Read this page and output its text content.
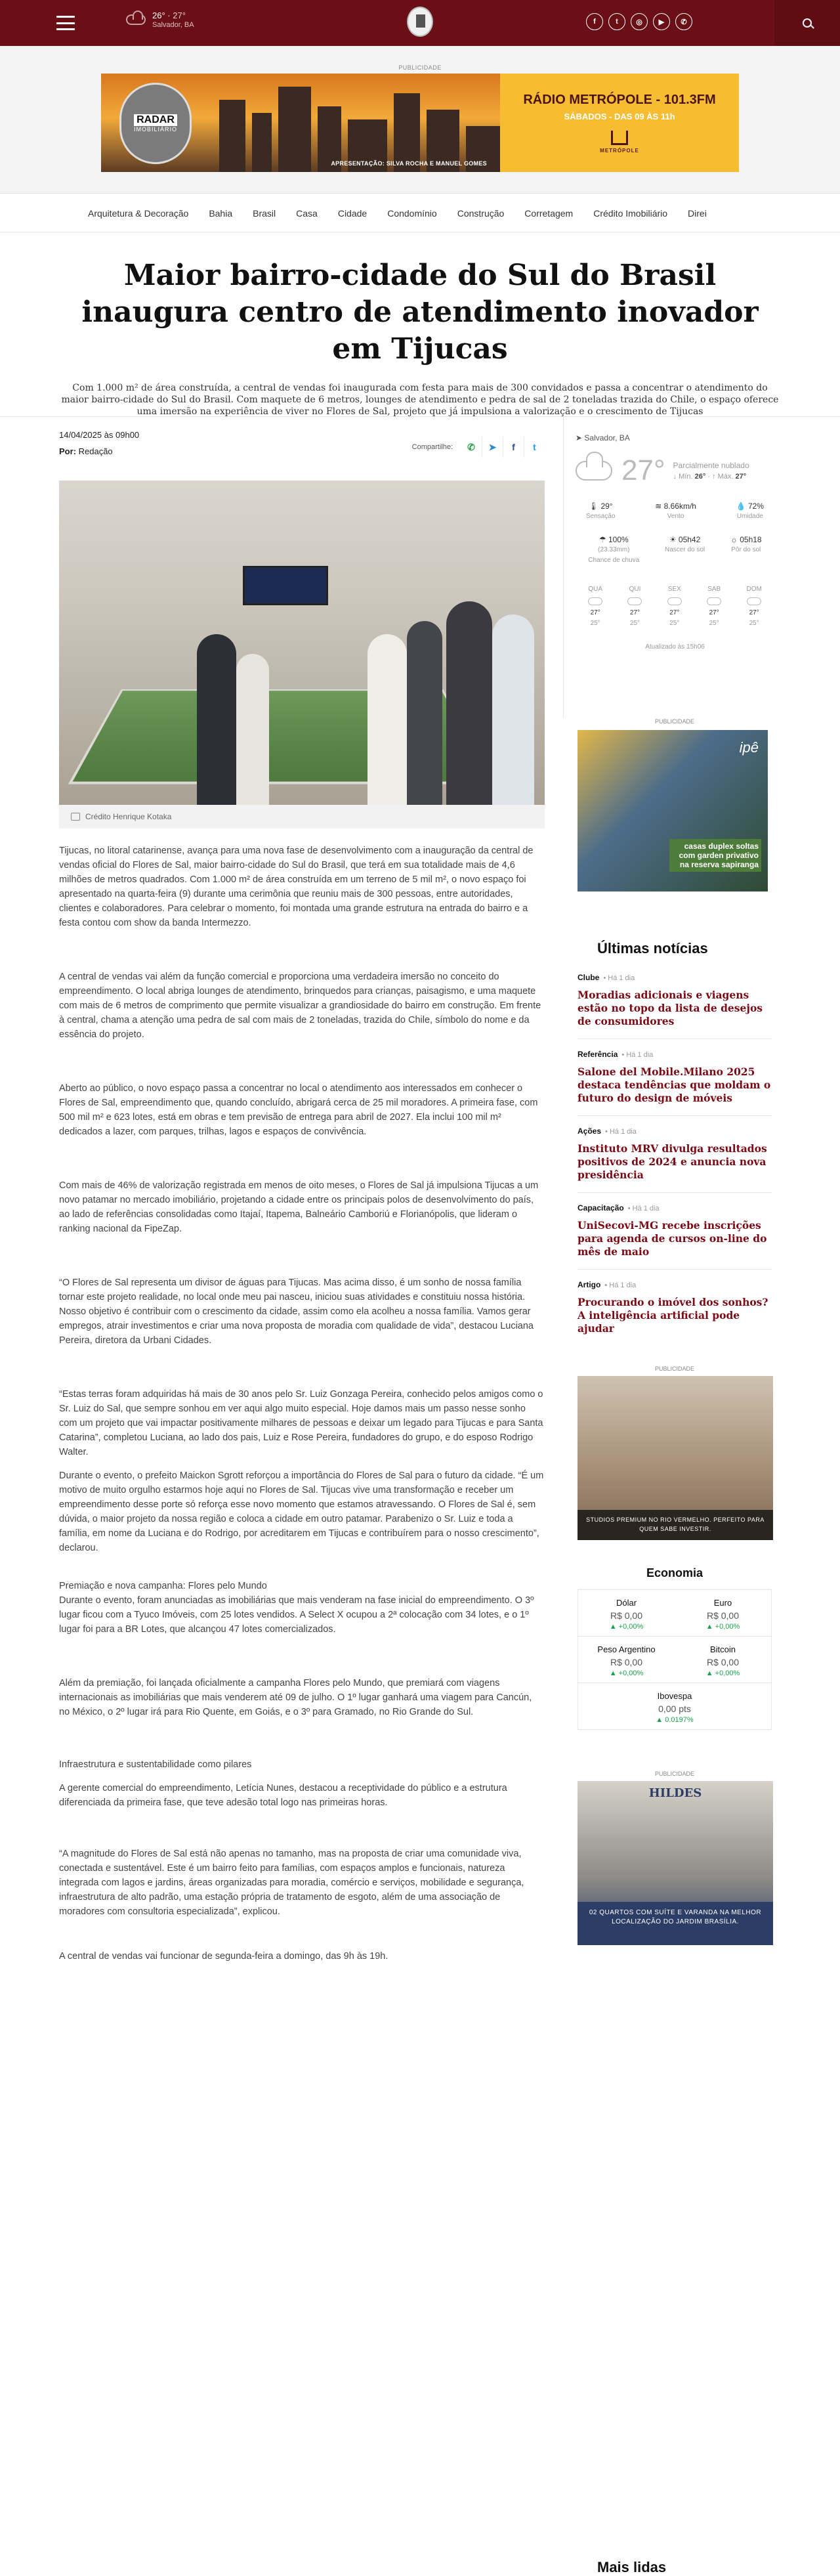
26° · 27°
Salvador, BA	f	t	◎	▶	✆
PUBLICIDADE
RADAR
IMOBILIÁRIO
APRESENTAÇÃO: SILVA ROCHA E MANUEL GOMES
RÁDIO METRÓPOLE - 101.3FM
SÁBADOS - DAS 09 ÀS 11h
METRÓPOLE
Arquitetura & Decoração Bahia Brasil Casa Cidade Condomínio Construção Corretagem Crédito Imobiliário Direi
Maior bairro-cidade do Sul do Brasil inaugura centro de atendimento inovador em Tijucas

Com 1.000 m² de área construída, a central de vendas foi inaugurada com festa para mais de 300 convidados e passa a concentrar o atendimento do maior bairro-cidade do Sul do Brasil. Com maquete de 6 metros, lounges de atendimento e pedra de sal de 2 toneladas trazida do Chile, o espaço oferece uma imersão na experiência de viver no Flores de Sal, projeto que já impulsiona a valorização e o crescimento de Tijucas

14/04/2025 às 09h00
Por: Redação	Compartilhe:	✆	➤	f	t
Crédito Henrique Kotaka

Tijucas, no litoral catarinense, avança para uma nova fase de desenvolvimento com a inauguração da central de vendas oficial do Flores de Sal, maior bairro-cidade do Sul do Brasil, que terá em sua totalidade mais de 4,6 milhões de metros quadrados. Com 1.000 m² de área construída em um terreno de 5 mil m², o novo espaço foi apresentado na quarta-feira (9) durante uma cerimônia que reuniu mais de 300 pessoas, entre autoridades, clientes e colaboradores. Para celebrar o momento, foi montada uma grande estrutura na entrada do bairro e a festa contou com show da banda Intermezzo.

A central de vendas vai além da função comercial e proporciona uma verdadeira imersão no conceito do empreendimento. O local abriga lounges de atendimento, brinquedos para crianças, paisagismo, e uma maquete com mais de 6 metros de comprimento que permite visualizar a grandiosidade do bairro em construção. Em frente à central, chama a atenção uma pedra de sal com mais de 2 toneladas, trazida do Chile, símbolo do nome e da essência do projeto.

Aberto ao público, o novo espaço passa a concentrar no local o atendimento aos interessados em conhecer o Flores de Sal, empreendimento que, quando concluído, abrigará cerca de 25 mil moradores. A primeira fase, com 500 mil m² e 623 lotes, está em obras e tem previsão de entrega para abril de 2027. Ela inclui 100 mil m² dedicados a lazer, com parques, trilhas, lagos e espaços de convivência.

Com mais de 46% de valorização registrada em menos de oito meses, o Flores de Sal já impulsiona Tijucas a um novo patamar no mercado imobiliário, projetando a cidade entre os principais polos de desenvolvimento do país, ao lado de referências consolidadas como Itajaí, Itapema, Balneário Camboriú e Florianópolis, que lideram o ranking nacional da FipeZap.

“O Flores de Sal representa um divisor de águas para Tijucas. Mas acima disso, é um sonho de nossa família tornar este projeto realidade, no local onde meu pai nasceu, iniciou suas atividades e constituiu nossa história. Nosso objetivo é contribuir com o crescimento da cidade, assim como ela acolheu a nossa família. Vamos gerar empregos, atrair investimentos e criar uma nova proposta de moradia com qualidade de vida”, destacou Luciana Pereira, diretora da Urbani Cidades.

“Estas terras foram adquiridas há mais de 30 anos pelo Sr. Luiz Gonzaga Pereira, conhecido pelos amigos como o Sr. Luiz do Sal, que sempre sonhou em ver aqui algo muito especial. Hoje damos mais um passo nesse sonho com um projeto que vai impactar positivamente milhares de pessoas e deixar um legado para Tijucas e para Santa Catarina”, completou Luciana, ao lado dos pais, Luiz e Rose Pereira, fundadores do grupo, e do esposo Rodrigo Walter.

Durante o evento, o prefeito Maickon Sgrott reforçou a importância do Flores de Sal para o futuro da cidade. “É um motivo de muito orgulho estarmos hoje aqui no Flores de Sal. Tijucas vive uma transformação e receber um empreendimento desse porte só reforça esse novo momento que estamos atravessando. O Flores de Sal é, sem dúvida, o maior projeto da nossa região e coloca a cidade em outro patamar. Parabenizo o Sr. Luiz e toda a família, em nome da Luciana e do Rodrigo, por acreditarem em Tijucas e contribuírem para o nosso crescimento”, declarou.

Premiação e nova campanha: Flores pelo Mundo

Durante o evento, foram anunciadas as imobiliárias que mais venderam na fase inicial do empreendimento. O 3º lugar ficou com a Tyuco Imóveis, com 25 lotes vendidos. A Select X ocupou a 2ª colocação com 34 lotes, e o 1º lugar foi para a BR Lotes, que alcançou 47 lotes comercializados.

Além da premiação, foi lançada oficialmente a campanha Flores pelo Mundo, que premiará com viagens internacionais as imobiliárias que mais venderem até 09 de julho. O 1º lugar ganhará uma viagem para Cancún, no México, o 2º lugar irá para Rio Quente, em Goiás, e o 3º para Gramado, no Rio Grande do Sul.

Infraestrutura e sustentabilidade como pilares

A gerente comercial do empreendimento, Letícia Nunes, destacou a receptividade do público e a estrutura diferenciada da primeira fase, que teve adesão total logo nas primeiras horas.

“A magnitude do Flores de Sal está não apenas no tamanho, mas na proposta de criar uma comunidade viva, conectada e sustentável. Este é um bairro feito para famílias, com espaços amplos e funcionais, natureza integrada com lagos e jardins, áreas organizadas para moradia, comércio e serviços, mobilidade e segurança, infraestrutura de alto padrão, uma estação própria de tratamento de esgoto, além de uma associação de moradores com consultoria especializada”, explicou.

A central de vendas vai funcionar de segunda-feira a domingo, das 9h às 19h.

➤ Salvador, BA
27° Parcialmente nublado
↓ Mín. 26° · ↑ Máx. 27°
🌡 29°
Sensação
≋ 8.66km/h
Vento
💧 72%
Umidade
☂ 100%
(23.33mm)
Chance de chuva
☀ 05h42
Nascer do sol
☼ 05h18
Pôr do sol
QUA
27°
25°
QUI
27°
25°
SEX
27°
25°
SAB
27°
25°
DOM
27°
25°
Atualizado às 15h06
PUBLICIDADE
ipê
casas duplex soltas com garden privativo na reserva sapiranga
Últimas notícias
Clube • Há 1 dia
Moradias adicionais e viagens estão no topo da lista de desejos de consumidores
Referência • Há 1 dia
Salone del Mobile.Milano 2025 destaca tendências que moldam o futuro do design de móveis
Ações • Há 1 dia
Instituto MRV divulga resultados positivos de 2024 e anuncia nova presidência
Capacitação • Há 1 dia
UniSecovi-MG recebe inscrições para agenda de cursos on-line do mês de maio
Artigo • Há 1 dia
Procurando o imóvel dos sonhos? A inteligência artificial pode ajudar
PUBLICIDADE
STUDIOS PREMIUM NO RIO VERMELHO. PERFEITO PARA QUEM SABE INVESTIR.
Economia
Dólar
R$ 0,00
▲ +0,00%
Euro
R$ 0,00
▲ +0,00%
Peso Argentino
R$ 0,00
▲ +0,00%
Bitcoin
R$ 0,00
▲ +0,00%
Ibovespa
0,00 pts
▲ 0.0197%
PUBLICIDADE
HILDES
02 QUARTOS COM SUÍTE E VARANDA NA MELHOR LOCALIZAÇÃO DO JARDIM BRASÍLIA.
Mais lidas
